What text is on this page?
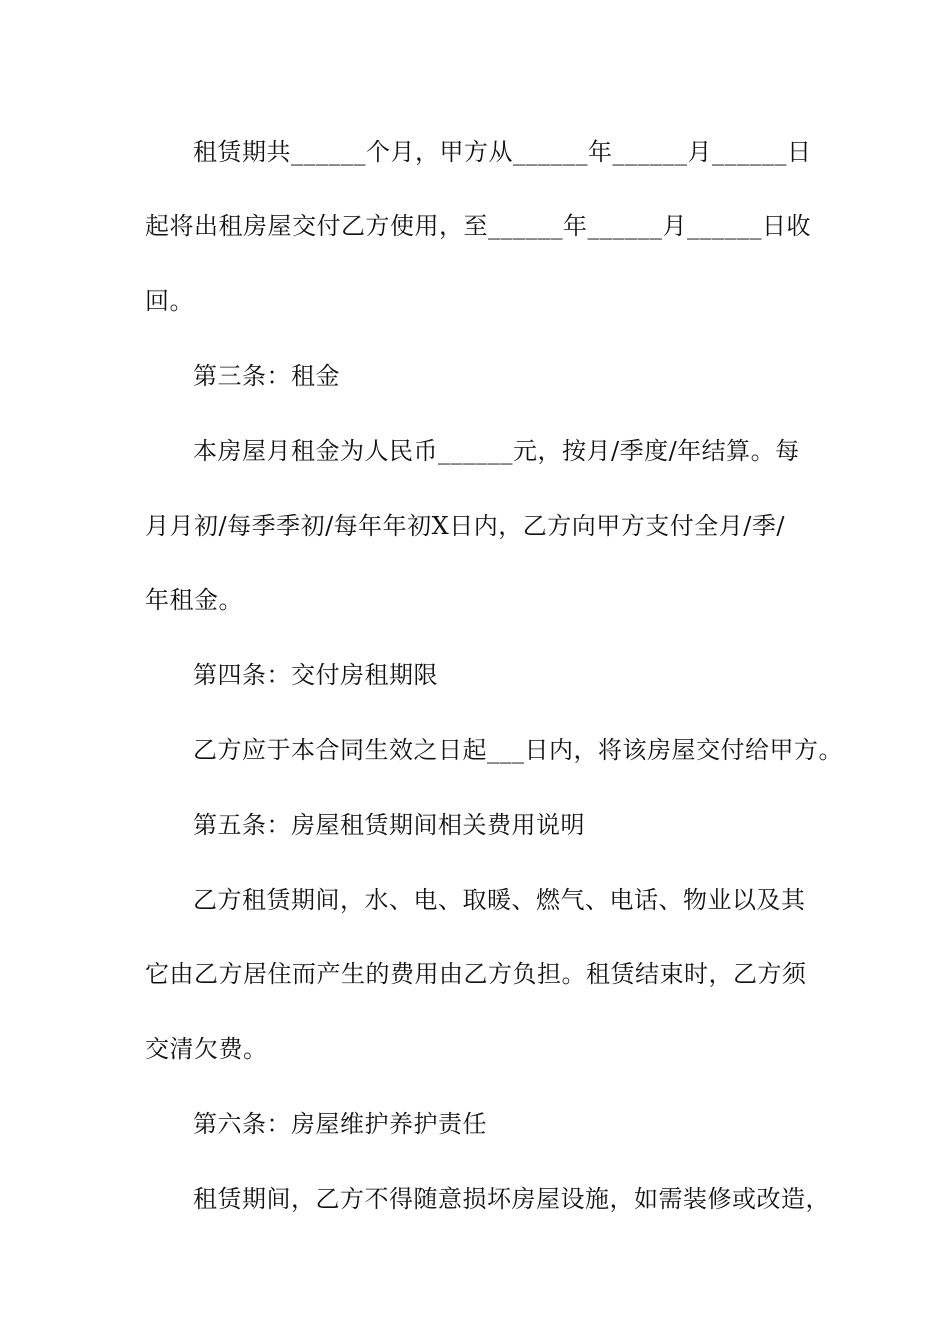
租赁期共______个月，甲方从______年______月______日
起将出租房屋交付乙方使用，至______年______月______日收
回。
第三条：租金
本房屋月租金为人民币______元，按月/季度/年结算。每
月月初/每季季初/每年年初X日内，乙方向甲方支付全月/季/
年租金。
第四条：交付房租期限
乙方应于本合同生效之日起___日内，将该房屋交付给甲方。
第五条：房屋租赁期间相关费用说明
乙方租赁期间，水、电、取暖、燃气、电话、物业以及其
它由乙方居住而产生的费用由乙方负担。租赁结束时，乙方须
交清欠费。
第六条：房屋维护养护责任
租赁期间，乙方不得随意损坏房屋设施，如需装修或改造，
